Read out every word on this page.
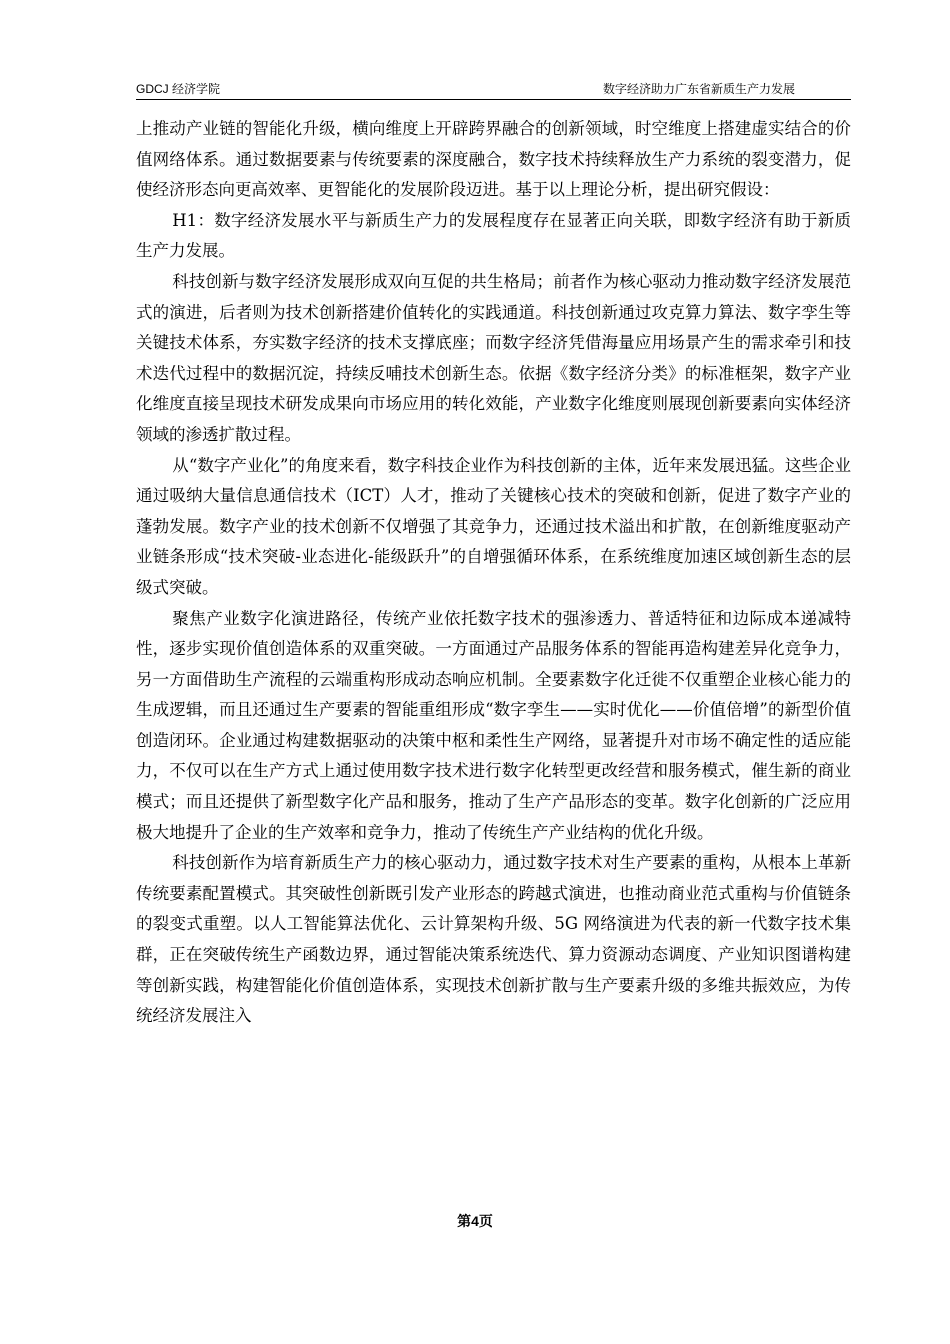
GDCJ 经济学院	数字经济助力广东省新质生产力发展

上推动产业链的智能化升级，横向维度上开辟跨界融合的创新领域，时空维度上搭建虚实结合的价值网络体系。通过数据要素与传统要素的深度融合，数字技术持续释放生产力系统的裂变潜力，促使经济形态向更高效率、更智能化的发展阶段迈进。基于以上理论分析，提出研究假设：

H1：数字经济发展水平与新质生产力的发展程度存在显著正向关联，即数字经济有助于新质生产力发展。

科技创新与数字经济发展形成双向互促的共生格局；前者作为核心驱动力推动数字经济发展范式的演进，后者则为技术创新搭建价值转化的实践通道。科技创新通过攻克算力算法、数字孪生等关键技术体系，夯实数字经济的技术支撑底座；而数字经济凭借海量应用场景产生的需求牵引和技术迭代过程中的数据沉淀，持续反哺技术创新生态。依据《数字经济分类》的标准框架，数字产业化维度直接呈现技术研发成果向市场应用的转化效能，产业数字化维度则展现创新要素向实体经济领域的渗透扩散过程。

从“数字产业化”的角度来看，数字科技企业作为科技创新的主体，近年来发展迅猛。这些企业通过吸纳大量信息通信技术（ICT）人才，推动了关键核心技术的突破和创新，促进了数字产业的蓬勃发展。数字产业的技术创新不仅增强了其竞争力，还通过技术溢出和扩散，在创新维度驱动产业链条形成“技术突破-业态进化-能级跃升”的自增强循环体系，在系统维度加速区域创新生态的层级式突破。

聚焦产业数字化演进路径，传统产业依托数字技术的强渗透力、普适特征和边际成本递减特性，逐步实现价值创造体系的双重突破。一方面通过产品服务体系的智能再造构建差异化竞争力，另一方面借助生产流程的云端重构形成动态响应机制。全要素数字化迁徙不仅重塑企业核心能力的生成逻辑，而且还通过生产要素的智能重组形成“数字孪生——实时优化——价值倍增”的新型价值创造闭环。企业通过构建数据驱动的决策中枢和柔性生产网络，显著提升对市场不确定性的适应能力，不仅可以在生产方式上通过使用数字技术进行数字化转型更改经营和服务模式，催生新的商业模式；而且还提供了新型数字化产品和服务，推动了生产产品形态的变革。数字化创新的广泛应用极大地提升了企业的生产效率和竞争力，推动了传统生产产业结构的优化升级。

科技创新作为培育新质生产力的核心驱动力，通过数字技术对生产要素的重构，从根本上革新传统要素配置模式。其突破性创新既引发产业形态的跨越式演进，也推动商业范式重构与价值链条的裂变式重塑。以人工智能算法优化、云计算架构升级、5G 网络演进为代表的新一代数字技术集群，正在突破传统生产函数边界，通过智能决策系统迭代、算力资源动态调度、产业知识图谱构建等创新实践，构建智能化价值创造体系，实现技术创新扩散与生产要素升级的多维共振效应，为传统经济发展注入

第4页
